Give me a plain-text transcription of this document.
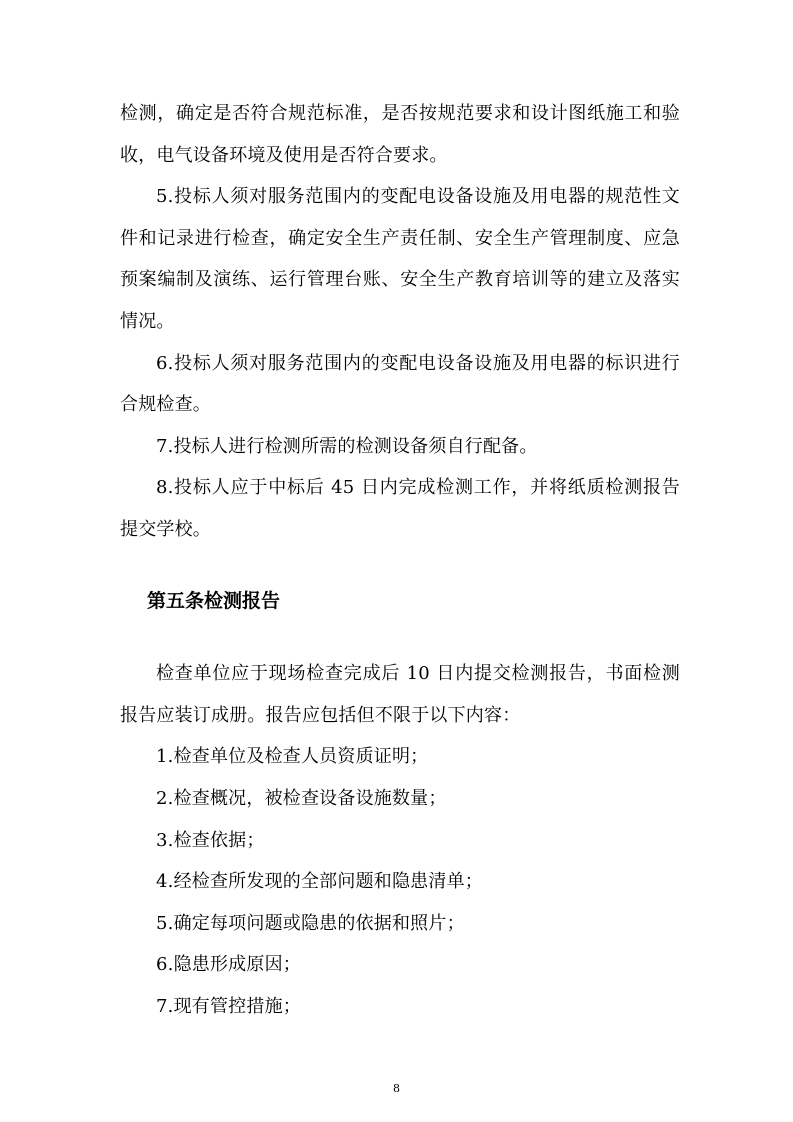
检测，确定是否符合规范标准，是否按规范要求和设计图纸施工和验收，电气设备环境及使用是否符合要求。

5.投标人须对服务范围内的变配电设备设施及用电器的规范性文件和记录进行检查，确定安全生产责任制、安全生产管理制度、应急预案编制及演练、运行管理台账、安全生产教育培训等的建立及落实情况。

6.投标人须对服务范围内的变配电设备设施及用电器的标识进行合规检查。

7.投标人进行检测所需的检测设备须自行配备。

8.投标人应于中标后 45 日内完成检测工作，并将纸质检测报告提交学校。

第五条检测报告

检查单位应于现场检查完成后 10 日内提交检测报告，书面检测报告应装订成册。报告应包括但不限于以下内容：

1.检查单位及检查人员资质证明；

2.检查概况，被检查设备设施数量；

3.检查依据；

4.经检查所发现的全部问题和隐患清单；

5.确定每项问题或隐患的依据和照片；

6.隐患形成原因；

7.现有管控措施；

8
